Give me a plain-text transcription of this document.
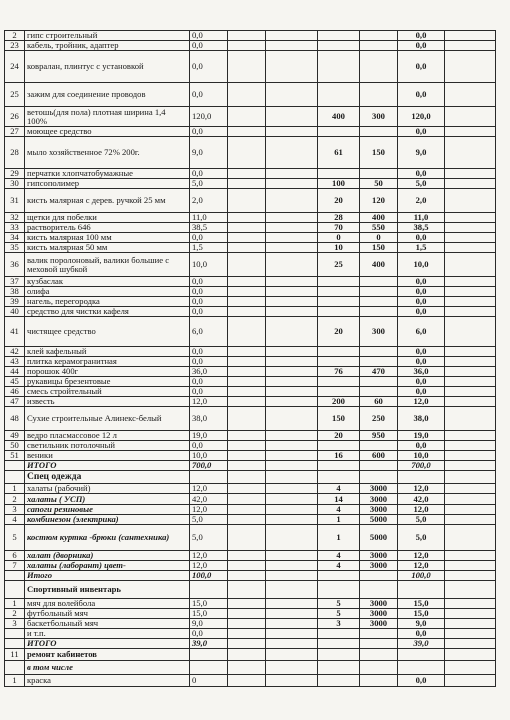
2	гипс строительный	0,0					0,0	
23	кабель, тройник, адаптер	0,0					0,0	
24	ковралан, плинтус с установкой	0,0					0,0	
25	зажим для соединение проводов	0,0					0,0	
26	ветошь(для пола) плотная ширина 1,4 100%	120,0			400	300	120,0	
27	моющее средство	0,0					0,0	
28	мыло хозяйственное 72% 200г.	9,0			61	150	9,0	
29	перчатки хлопчатобумажные	0,0					0,0	
30	гипсополимер	5,0			100	50	5,0	
31	кисть малярная с дерев. ручкой 25 мм	2,0			20	120	2,0	
32	щетки для побелки	11,0			28	400	11,0	
33	растворитель 646	38,5			70	550	38,5	
34	кисть малярная 100 мм	0,0			0	0	0,0	
35	кисть малярная 50 мм	1,5			10	150	1,5	
36	валик поролоновый, валики большие с меховой шубкой	10,0			25	400	10,0	
37	кузбаслак	0,0					0,0	
38	олифа	0,0					0,0	
39	нагель, перегородка	0,0					0,0	
40	средство для чистки кафеля	0,0					0,0	
41	чистящее средство	6,0			20	300	6,0	
42	клей кафельный	0,0					0,0	
43	плитка керамогранитная	0,0					0,0	
44	порошок 400г	36,0			76	470	36,0	
45	рукавицы брезентовые	0,0					0,0	
46	смесь стройтельный	0,0					0,0	
47	известь	12,0			200	60	12,0	
48	Сухие строительные Алинекс-белый	38,0			150	250	38,0	
49	ведро пласмассовое 12 л	19,0			20	950	19,0	
50	светильник потолочный	0,0					0,0	
51	веники	10,0			16	600	10,0	
	ИТОГО	700,0					700,0	
	Спец одежда							
1	халаты (рабочий)	12,0			4	3000	12,0	
2	халаты ( УСП)	42,0			14	3000	42,0	
3	сапоги резиновые	12,0			4	3000	12,0	
4	комбинезон (электрика)	5,0			1	5000	5,0	
5	костюм куртка -брюки (сантехника)	5,0			1	5000	5,0	
6	халат (дворника)	12,0			4	3000	12,0	
7	халаты (лаборант) цвет-	12,0			4	3000	12,0	
	Итого	100,0					100,0	
	Спортивный инвентарь							
1	мяч для волейбола	15,0			5	3000	15,0	
2	футбольный мяч	15,0			5	3000	15,0	
3	баскетбольный мяч	9,0			3	3000	9,0	
	и т.п.	0,0					0,0	
	ИТОГО	39,0					39,0	
11	ремонт кабинетов							
	в том числе							
1	краска	0					0,0	
